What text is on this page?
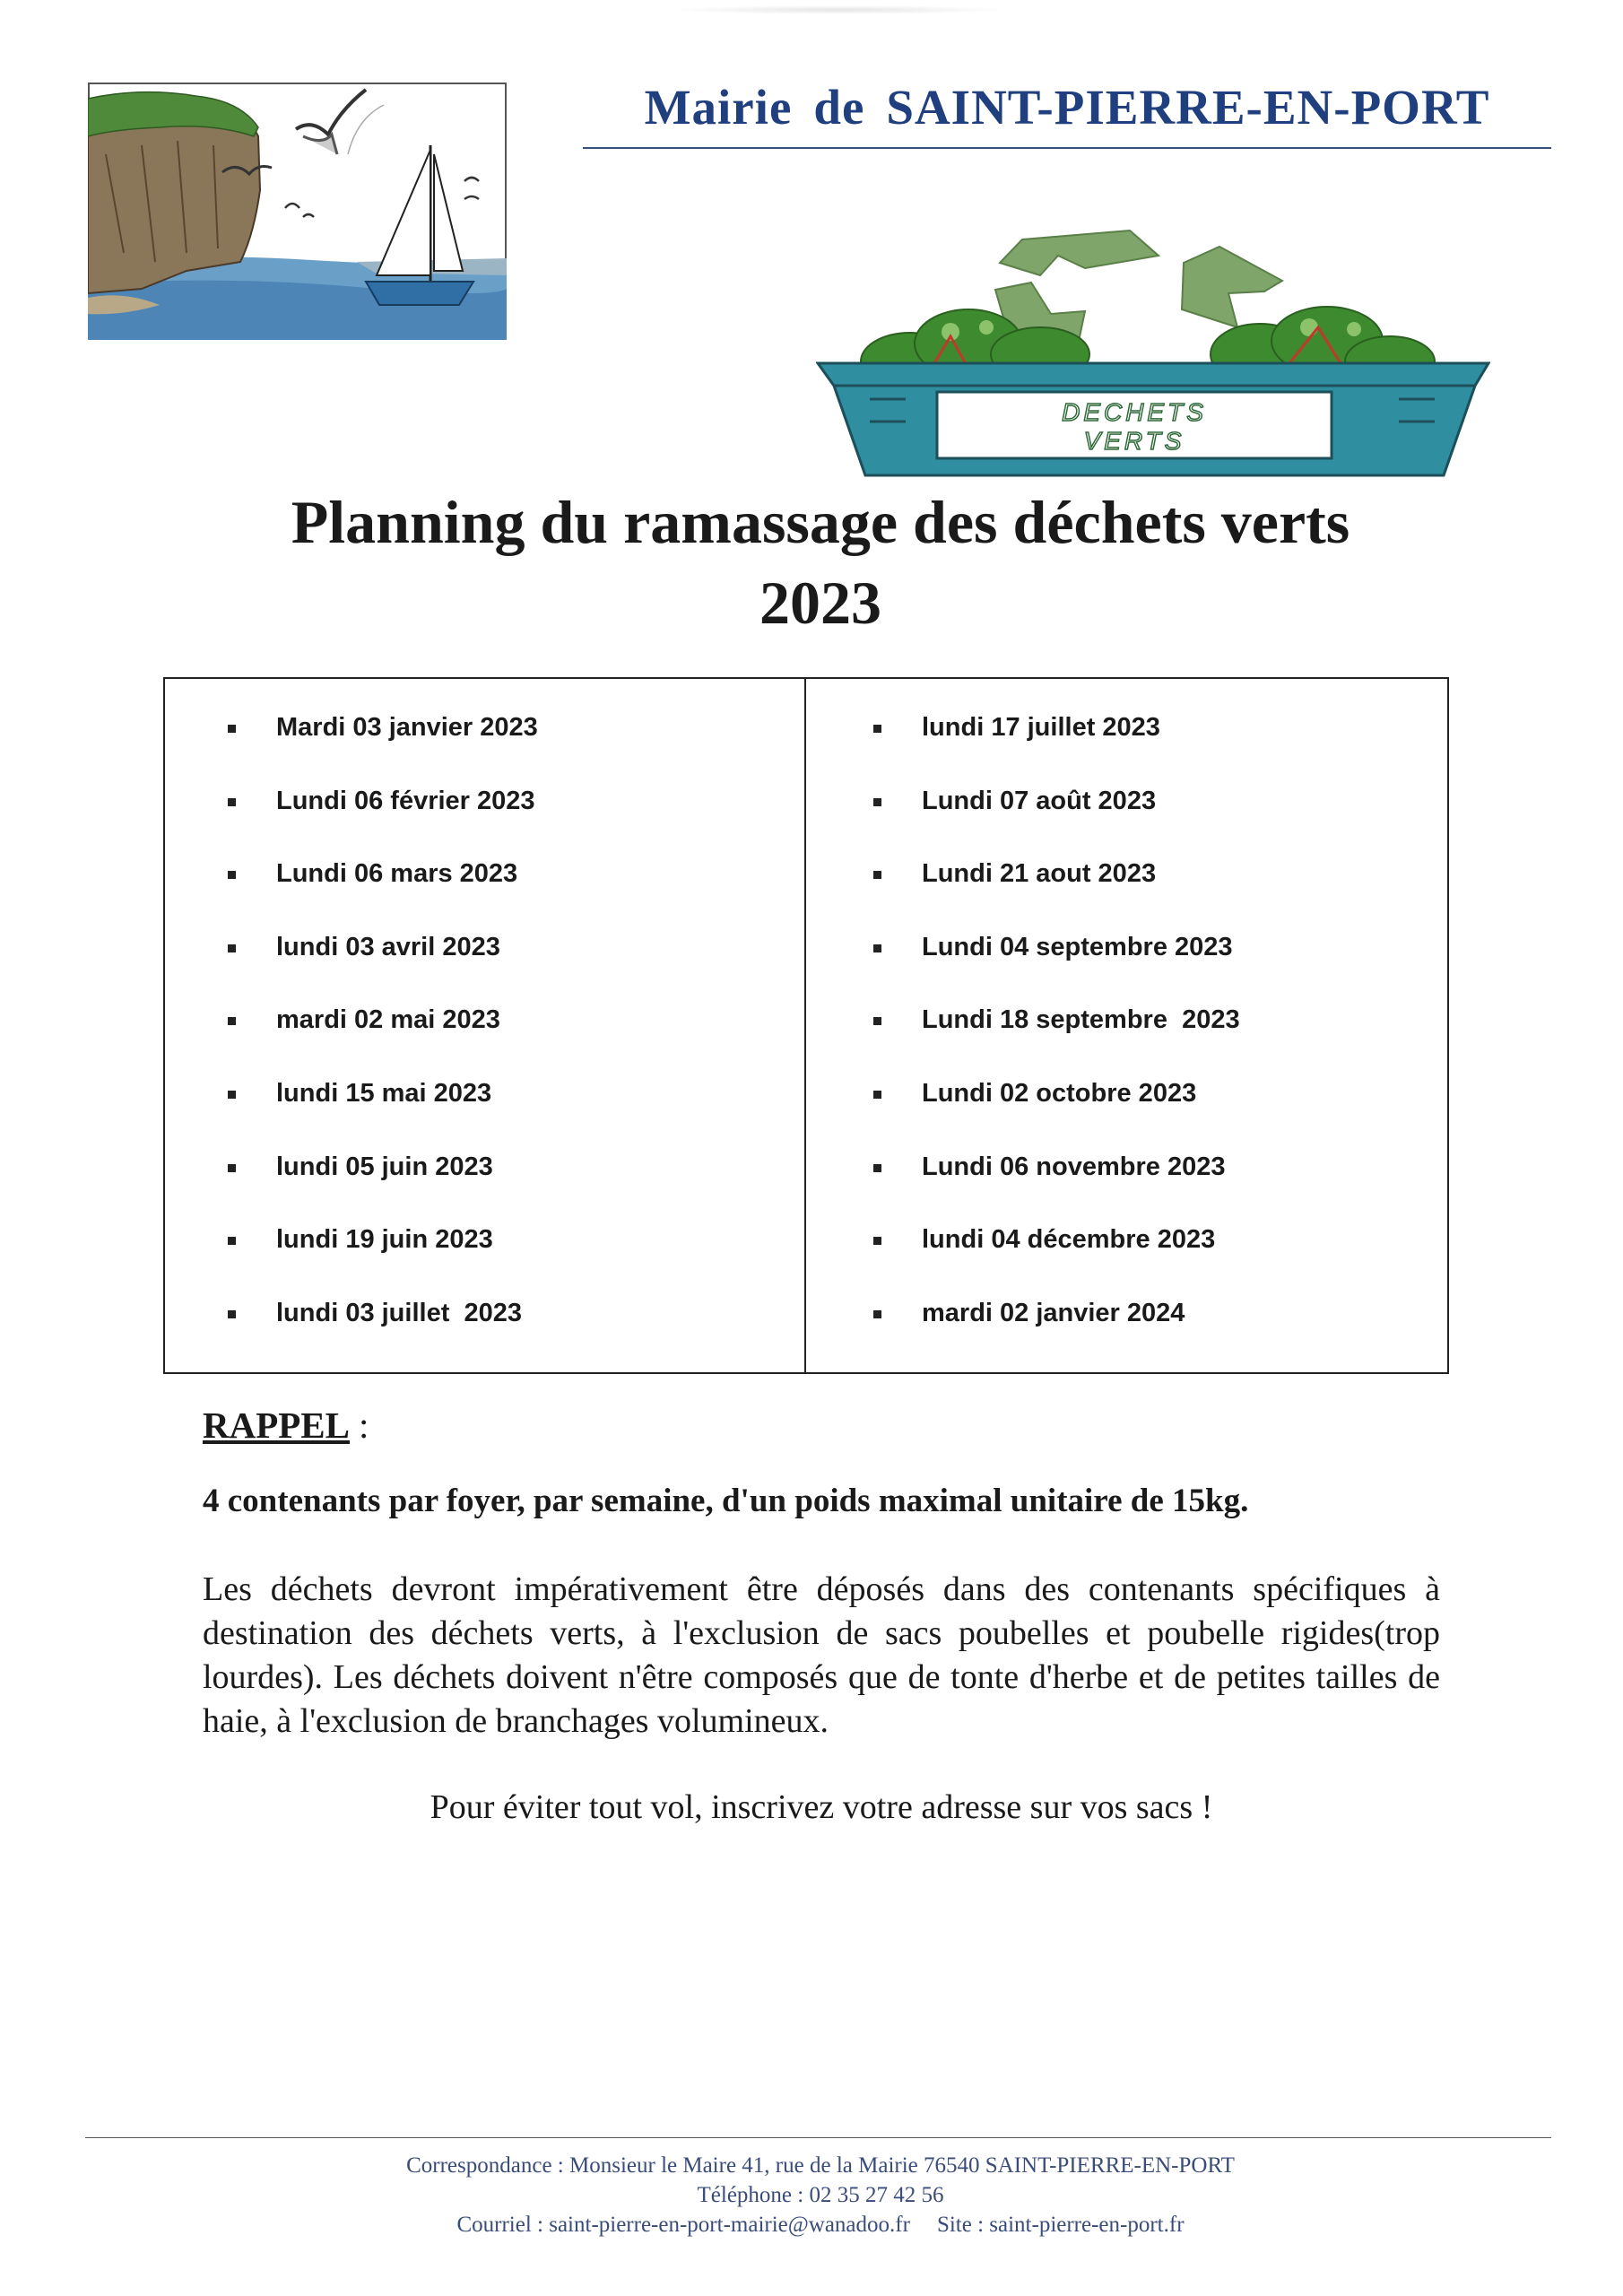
Mairie de SAINT-PIERRE-EN-PORT
DECHETS
VERTS
Planning du ramassage des déchets verts
2023
Mardi 03 janvier 2023
Lundi 06 février 2023
Lundi 06 mars 2023
lundi 03 avril 2023
mardi 02 mai 2023
lundi 15 mai 2023
lundi 05 juin 2023
lundi 19 juin 2023
lundi 03 juillet  2023
lundi 17 juillet 2023
Lundi 07 août 2023
Lundi 21 aout 2023
Lundi 04 septembre 2023
Lundi 18 septembre  2023
Lundi 02 octobre 2023
Lundi 06 novembre 2023
lundi 04 décembre 2023
mardi 02 janvier 2024
RAPPEL :
4 contenants par foyer, par semaine, d'un poids maximal unitaire de 15kg.
Les déchets devront impérativement être déposés dans des contenants spécifiques à destination des déchets verts, à l'exclusion de sacs poubelles et poubelle rigides(trop lourdes). Les déchets doivent n'être composés que de tonte d'herbe et de petites tailles de haie, à l'exclusion de branchages volumineux.
Pour éviter tout vol, inscrivez votre adresse sur vos sacs !
Correspondance : Monsieur le Maire 41, rue de la Mairie 76540 SAINT-PIERRE-EN-PORT
Téléphone : 02 35 27 42 56
Courriel : saint-pierre-en-port-mairie@wanadoo.fr Site : saint-pierre-en-port.fr
